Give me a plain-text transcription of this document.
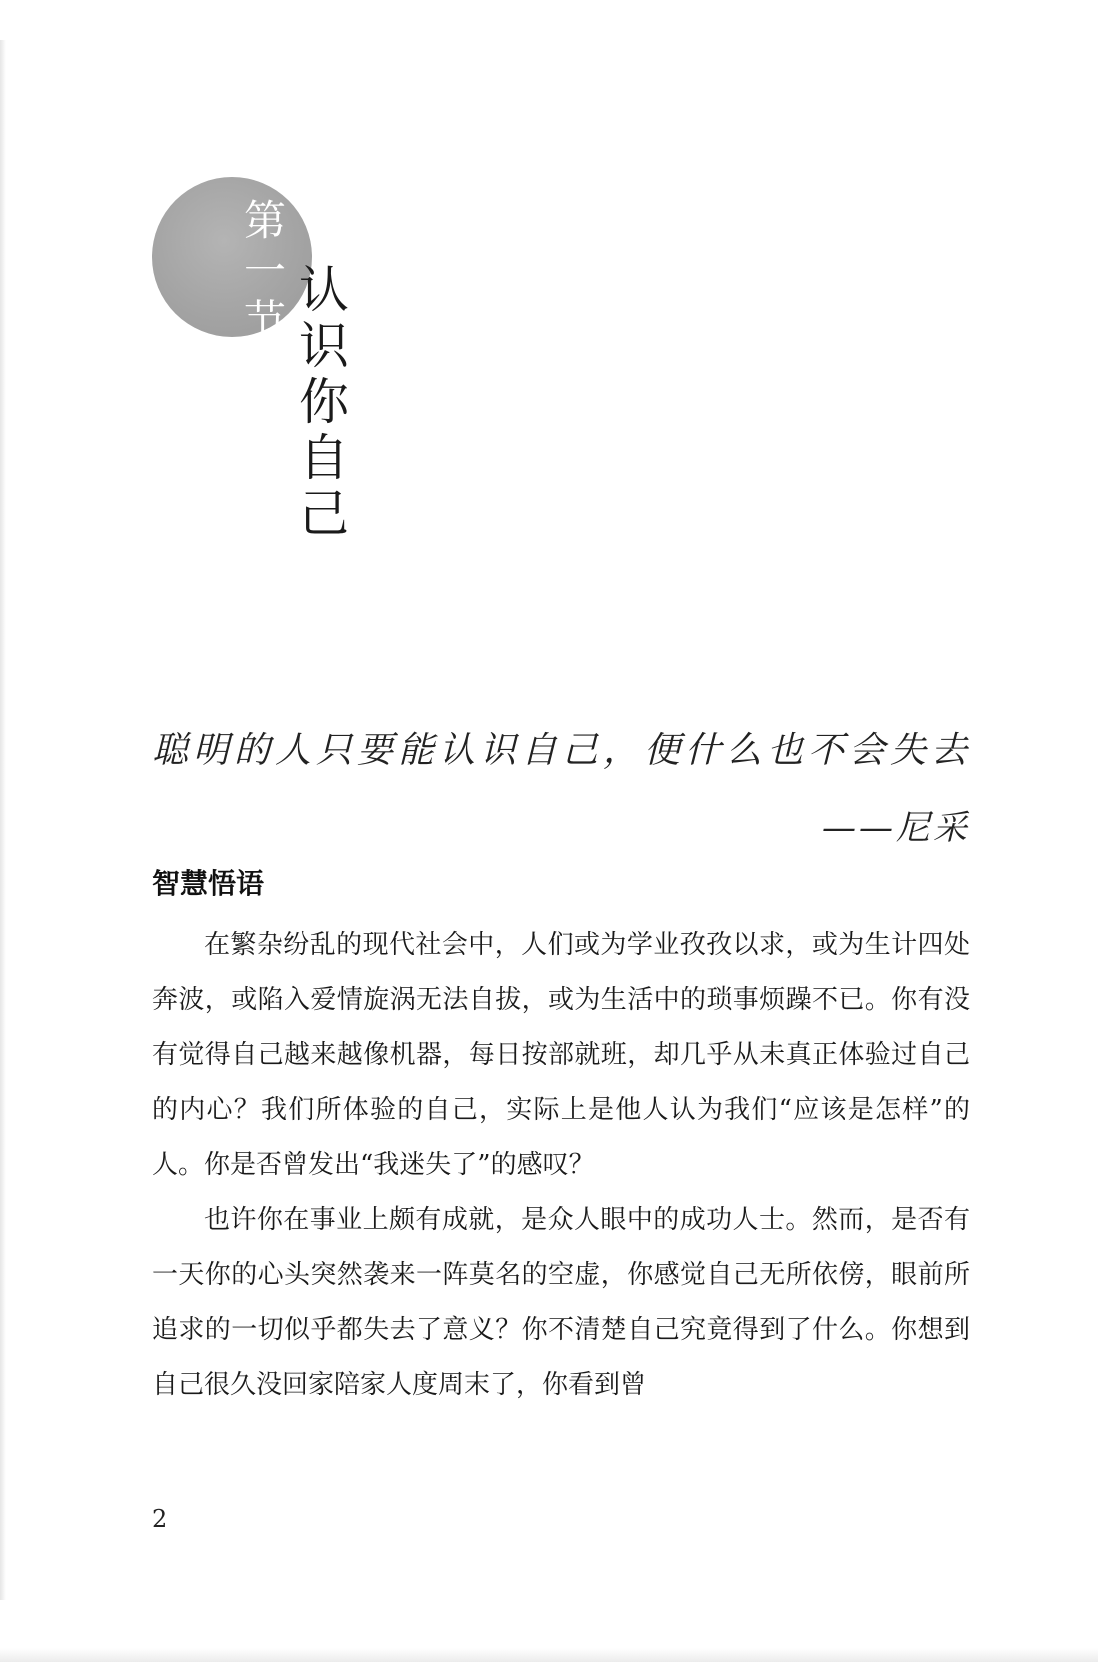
第一节
认识你自己

聪明的人只要能认识自己，便什么也不会失去

——尼采

智慧悟语

在繁杂纷乱的现代社会中，人们或为学业孜孜以求，或为生计四处奔波，或陷入爱情旋涡无法自拔，或为生活中的琐事烦躁不已。你有没有觉得自己越来越像机器，每日按部就班，却几乎从未真正体验过自己的内心？我们所体验的自己，实际上是他人认为我们“应该是怎样”的人。你是否曾发出“我迷失了”的感叹？

也许你在事业上颇有成就，是众人眼中的成功人士。然而，是否有一天你的心头突然袭来一阵莫名的空虚，你感觉自己无所依傍，眼前所追求的一切似乎都失去了意义？你不清楚自己究竟得到了什么。你想到自己很久没回家陪家人度周末了，你看到曾

2
